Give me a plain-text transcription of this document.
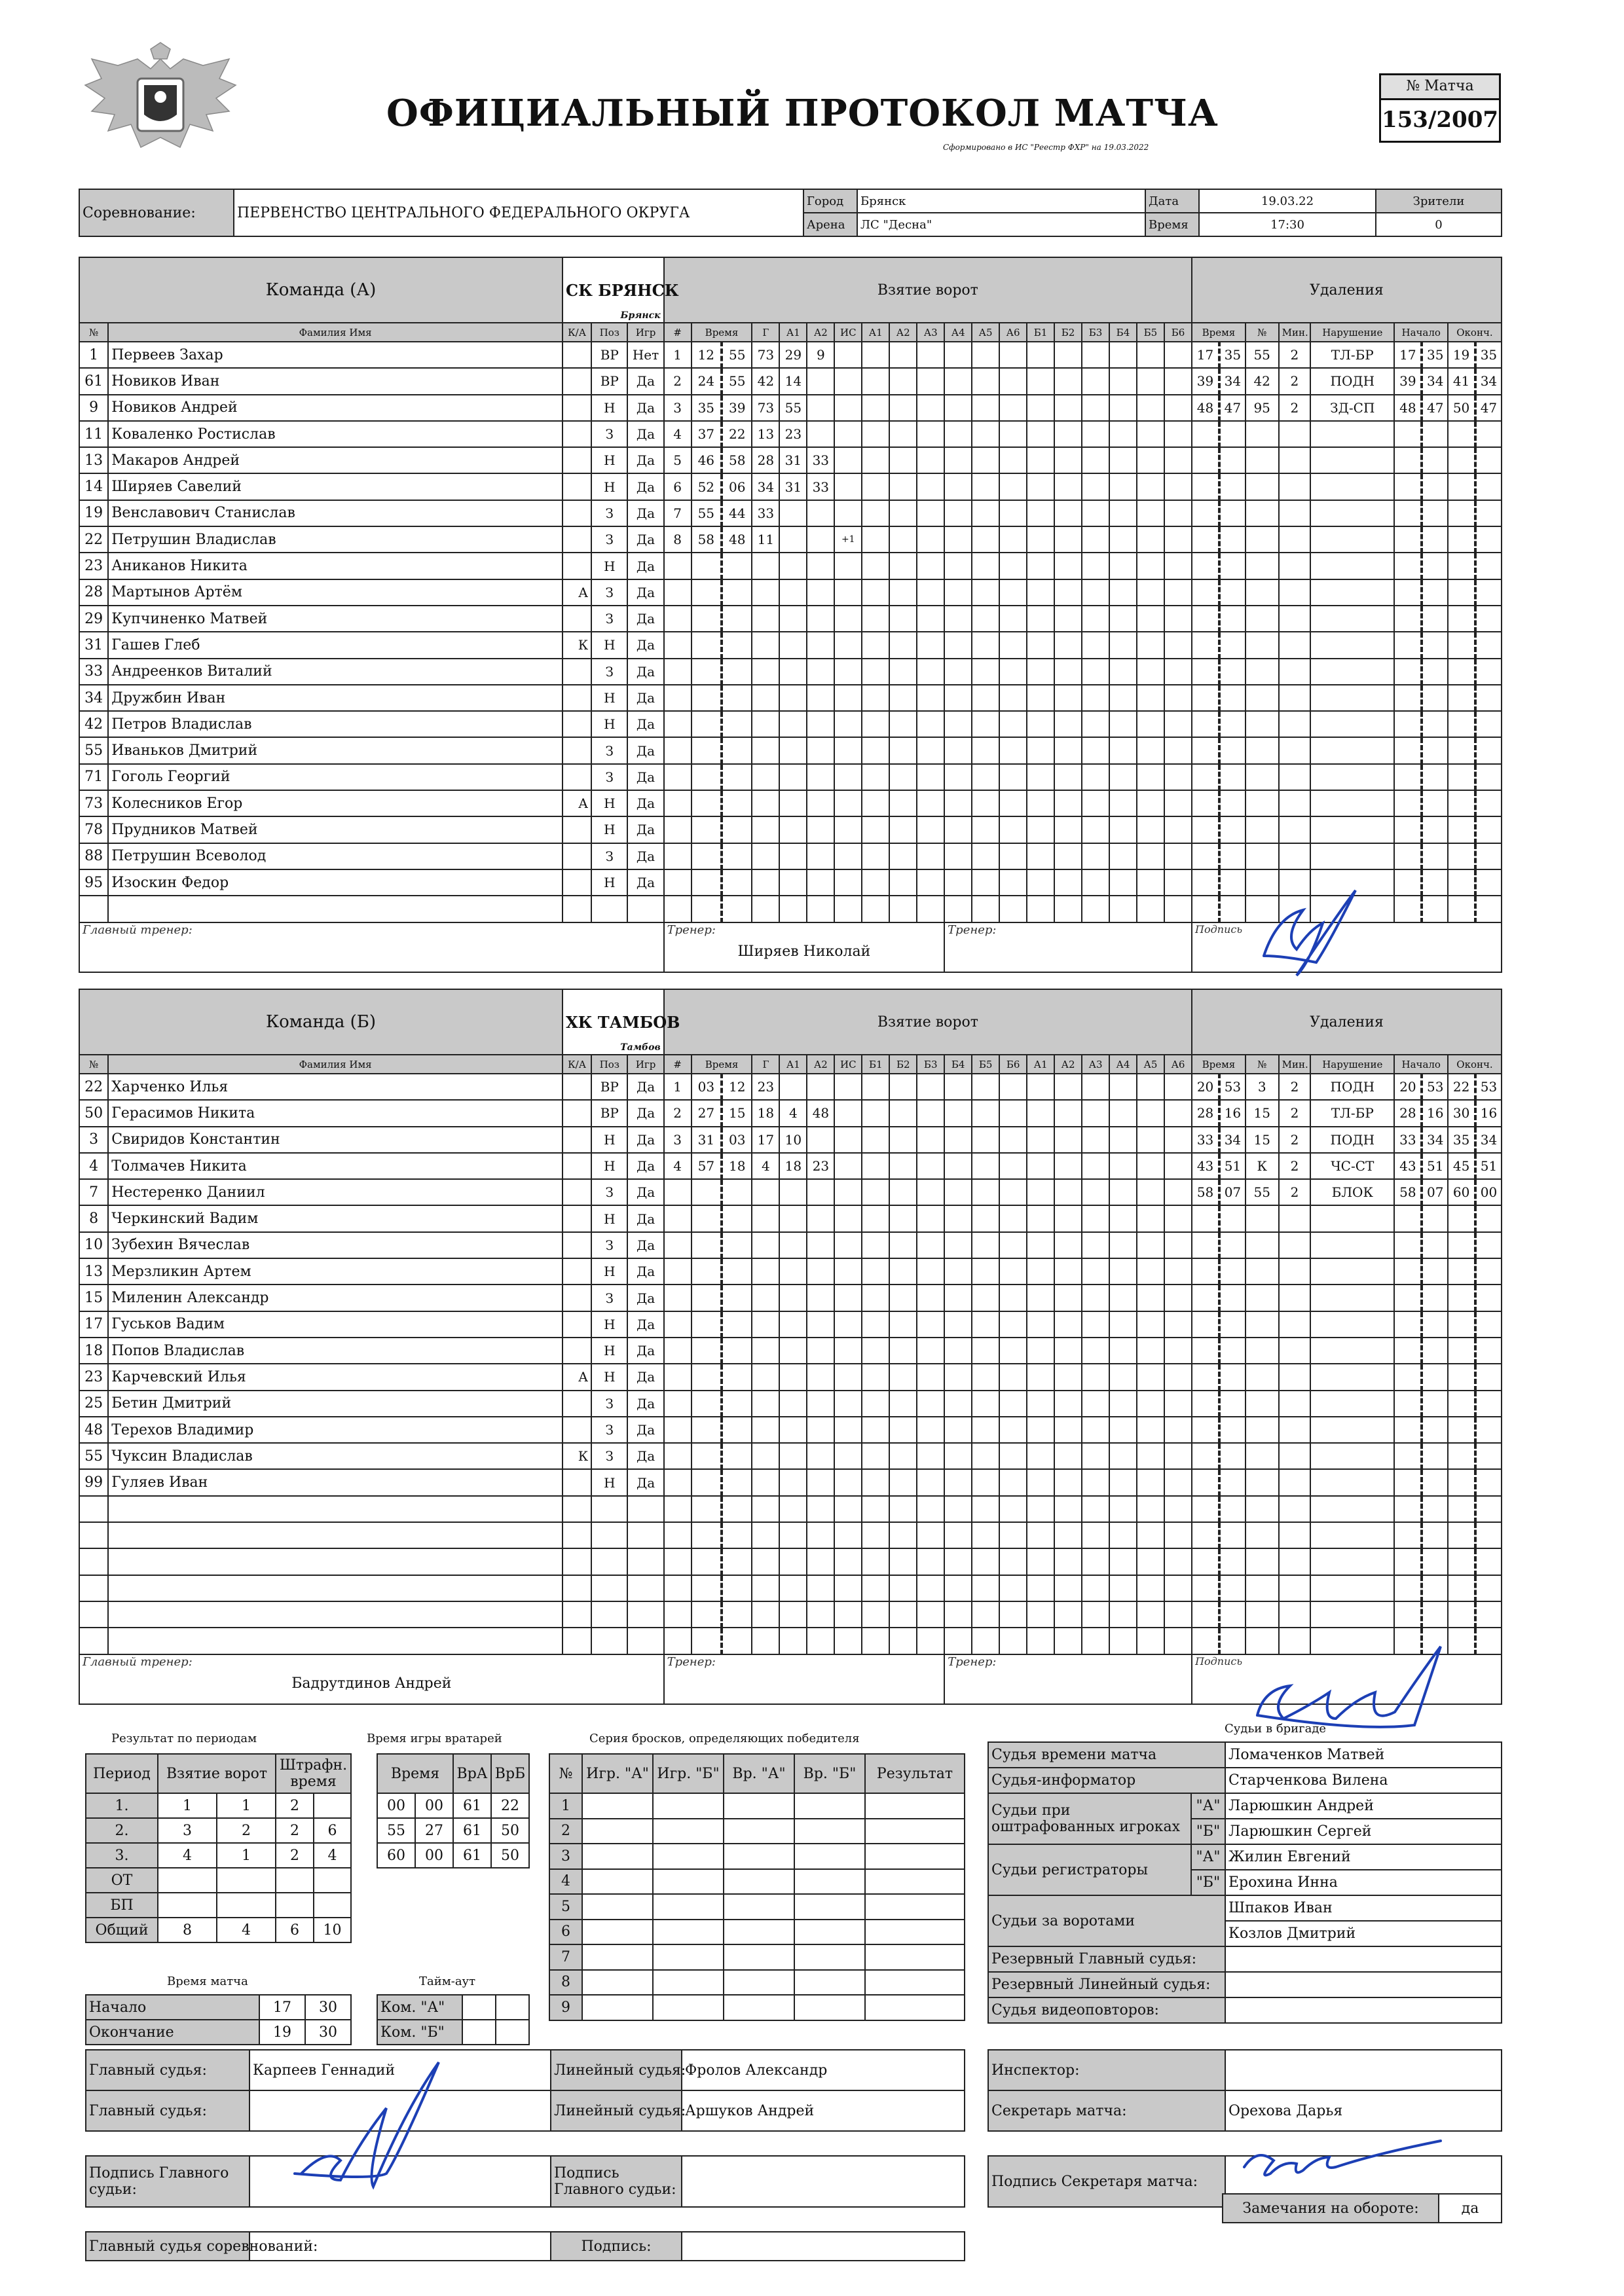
ОФИЦИАЛЬНЫЙ ПРОТОКОЛ МАТЧА
Сформировано в ИС "Реестр ФХР" на 19.03.2022
№ Матча
153/2007
Соревнование:	ПЕРВЕНСТВО ЦЕНТРАЛЬНОГО ФЕДЕРАЛЬНОГО ОКРУГА	Город	Брянск	Дата	19.03.22	Зрители
		Арена	ЛС "Десна"	Время	17:30	0
Команда (А)		СК БРЯНСК
Брянск			Взятие ворот																			Удаления								
№	Фамилия Имя	К/А	Поз	Игр	#	Время		Г	А1	А2	ИС	А1	А2	А3	А4	А5	А6	Б1	Б2	Б3	Б4	Б5	Б6	Время		№	Мин.	Нарушение	Начало		Оконч.	
1	Первеев Захар		ВР	Нет	1	12	55	73	29	9														17	35	55	2	ТЛ-БР	17	35	19	35
61	Новиков Иван		ВР	Да	2	24	55	42	14															39	34	42	2	ПОДН	39	34	41	34
9	Новиков Андрей		Н	Да	3	35	39	73	55															48	47	95	2	ЗД-СП	48	47	50	47
11	Коваленко Ростислав		З	Да	4	37	22	13	23																							
13	Макаров Андрей		Н	Да	5	46	58	28	31	33																						
14	Ширяев Савелий		Н	Да	6	52	06	34	31	33																						
19	Венславович Станислав		З	Да	7	55	44	33																								
22	Петрушин Владислав		З	Да	8	58	48	11			+1																					
23	Аниканов Никита		Н	Да																												
28	Мартынов Артём	А	З	Да																												
29	Купчиненко Матвей		З	Да																												
31	Гашев Глеб	К	Н	Да																												
33	Андреенков Виталий		З	Да																												
34	Дружбин Иван		Н	Да																												
42	Петров Владислав		Н	Да																												
55	Иваньков Дмитрий		З	Да																												
71	Гоголь Георгий		З	Да																												
73	Колесников Егор	А	Н	Да																												
78	Прудников Матвей		Н	Да																												
88	Петрушин Всеволод		З	Да																												
95	Изоскин Федор		Н	Да																												

Главный тренер:					Тренер:
Ширяев Николай										Тренер:									Подпись								
Команда (Б)		ХК ТАМБОВ
Тамбов			Взятие ворот																			Удаления								
№	Фамилия Имя	К/А	Поз	Игр	#	Время		Г	А1	А2	ИС	Б1	Б2	Б3	Б4	Б5	Б6	А1	А2	А3	А4	А5	А6	Время		№	Мин.	Нарушение	Начало		Оконч.	
22	Харченко Илья		ВР	Да	1	03	12	23																20	53	3	2	ПОДН	20	53	22	53
50	Герасимов Никита		ВР	Да	2	27	15	18	4	48														28	16	15	2	ТЛ-БР	28	16	30	16
3	Свиридов Константин		Н	Да	3	31	03	17	10															33	34	15	2	ПОДН	33	34	35	34
4	Толмачев Никита		Н	Да	4	57	18	4	18	23														43	51	К	2	ЧС-СТ	43	51	45	51
7	Нестеренко Даниил		З	Да																				58	07	55	2	БЛОК	58	07	60	00
8	Черкинский Вадим		Н	Да																												
10	Зубехин Вячеслав		З	Да																												
13	Мерзликин Артем		Н	Да																												
15	Миленин Александр		З	Да																												
17	Гуськов Вадим		Н	Да																												
18	Попов Владислав		Н	Да																												
23	Карчевский Илья	А	Н	Да																												
25	Бетин Дмитрий		З	Да																												
48	Терехов Владимир		З	Да																												
55	Чуксин Владислав	К	З	Да																												
99	Гуляев Иван		Н	Да																												

Главный тренер:
Бадрутдинов Андрей					Тренер:										Тренер:									Подпись								
Результат по периодам
Период	Взятие ворот		Штрафн. время	
1.	1	1	2	
2.	3	2	2	6
3.	4	1	2	4
ОТ				
БП				
Общий	8	4	6	10
Время игры вратарей
Время		ВрА	ВрБ
00	00	61	22
55	27	61	50
60	00	61	50
Серия бросков, определяющих победителя
№	Игр. "А"	Игр. "Б"	Вр. "А"	Вр. "Б"	Результат
1					
2					
3					
4					
5					
6					
7					
8					
9					
Время матча
Начало	17	30
Окончание	19	30
Тайм-аут
Ком. "А"		
Ком. "Б"		
Судьи в бригаде
Судья времени матча		Ломаченков Матвей
Судья-информатор		Старченкова Вилена
Судьи при оштрафованных игроках	"А"	Ларюшкин Андрей
	"Б"	Ларюшкин Сергей
Судьи регистраторы	"А"	Жилин Евгений
	"Б"	Ерохина Инна
Судьи за воротами		Шпаков Иван
		Козлов Дмитрий
Резервный Главный судья:		
Резервный Линейный судья:		
Судья видеоповторов:		
Главный судья:	Карпеев Геннадий	Линейный судья:	Фролов Александр
Главный судья:		Линейный судья:	Аршуков Андрей

Подпись Главного судьи:		Подпись Главного судьи:	

Главный судья соревнований:		Подпись:	
Инспектор:	
Секретарь матча:	Орехова Дарья

Подпись Секретаря матча:	
Замечания на обороте:	да
